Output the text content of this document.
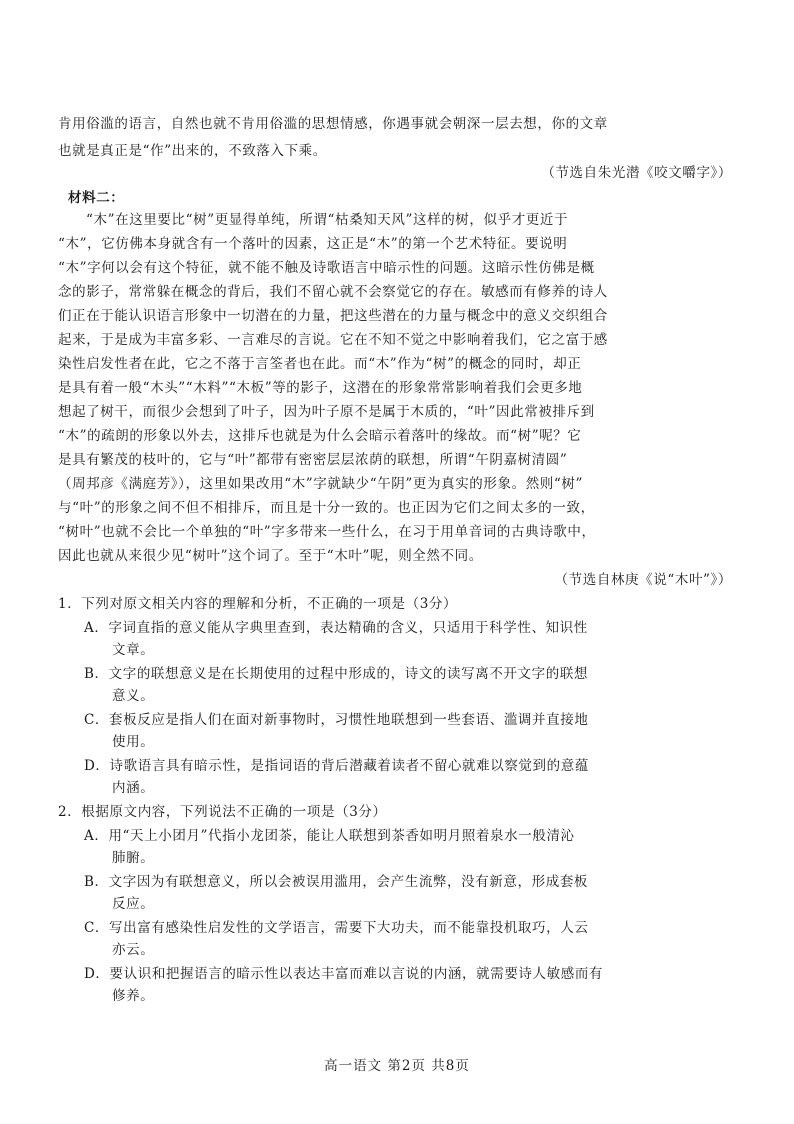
肯用俗滥的语言，自然也就不肯用俗滥的思想情感，你遇事就会朝深一层去想，你的文章
也就是真正是“作”出来的，不致落入下乘。
（节选自朱光潜《咬文嚼字》）
材料二：
“木”在这里要比“树”更显得单纯，所谓“枯桑知天风”这样的树，似乎才更近于
“木”，它仿佛本身就含有一个落叶的因素，这正是“木”的第一个艺术特征。要说明
“木”字何以会有这个特征，就不能不触及诗歌语言中暗示性的问题。这暗示性仿佛是概
念的影子，常常躲在概念的背后，我们不留心就不会察觉它的存在。敏感而有修养的诗人
们正在于能认识语言形象中一切潜在的力量，把这些潜在的力量与概念中的意义交织组合
起来，于是成为丰富多彩、一言难尽的言说。它在不知不觉之中影响着我们，它之富于感
染性启发性者在此，它之不落于言筌者也在此。而“木”作为“树”的概念的同时，却正
是具有着一般“木头”“木料”“木板”等的影子，这潜在的形象常常影响着我们会更多地
想起了树干，而很少会想到了叶子，因为叶子原不是属于木质的，“叶”因此常被排斥到
“木”的疏朗的形象以外去，这排斥也就是为什么会暗示着落叶的缘故。而“树”呢？它
是具有繁茂的枝叶的，它与“叶”都带有密密层层浓荫的联想，所谓“午阴嘉树清圆”
（周邦彦《满庭芳》），这里如果改用“木”字就缺少“午阴”更为真实的形象。然则“树”
与“叶”的形象之间不但不相排斥，而且是十分一致的。也正因为它们之间太多的一致，
“树叶”也就不会比一个单独的“叶”字多带来一些什么，在习于用单音词的古典诗歌中，
因此也就从来很少见“树叶”这个词了。至于“木叶”呢，则全然不同。
（节选自林庚《说“木叶”》）
1．下列对原文相关内容的理解和分析，不正确的一项是（3分）
A．字词直指的意义能从字典里查到，表达精确的含义，只适用于科学性、知识性
文章。
B．文字的联想意义是在长期使用的过程中形成的，诗文的读写离不开文字的联想
意义。
C．套板反应是指人们在面对新事物时，习惯性地联想到一些套语、滥调并直接地
使用。
D．诗歌语言具有暗示性，是指词语的背后潜藏着读者不留心就难以察觉到的意蕴
内涵。
2．根据原文内容，下列说法不正确的一项是（3分）
A．用“天上小团月”代指小龙团茶，能让人联想到茶香如明月照着泉水一般清沁
肺腑。
B．文字因为有联想意义，所以会被误用滥用，会产生流弊，没有新意，形成套板
反应。
C．写出富有感染性启发性的文学语言，需要下大功夫，而不能靠投机取巧，人云
亦云。
D．要认识和把握语言的暗示性以表达丰富而难以言说的内涵，就需要诗人敏感而有
修养。
高一语文 第2页 共8页
